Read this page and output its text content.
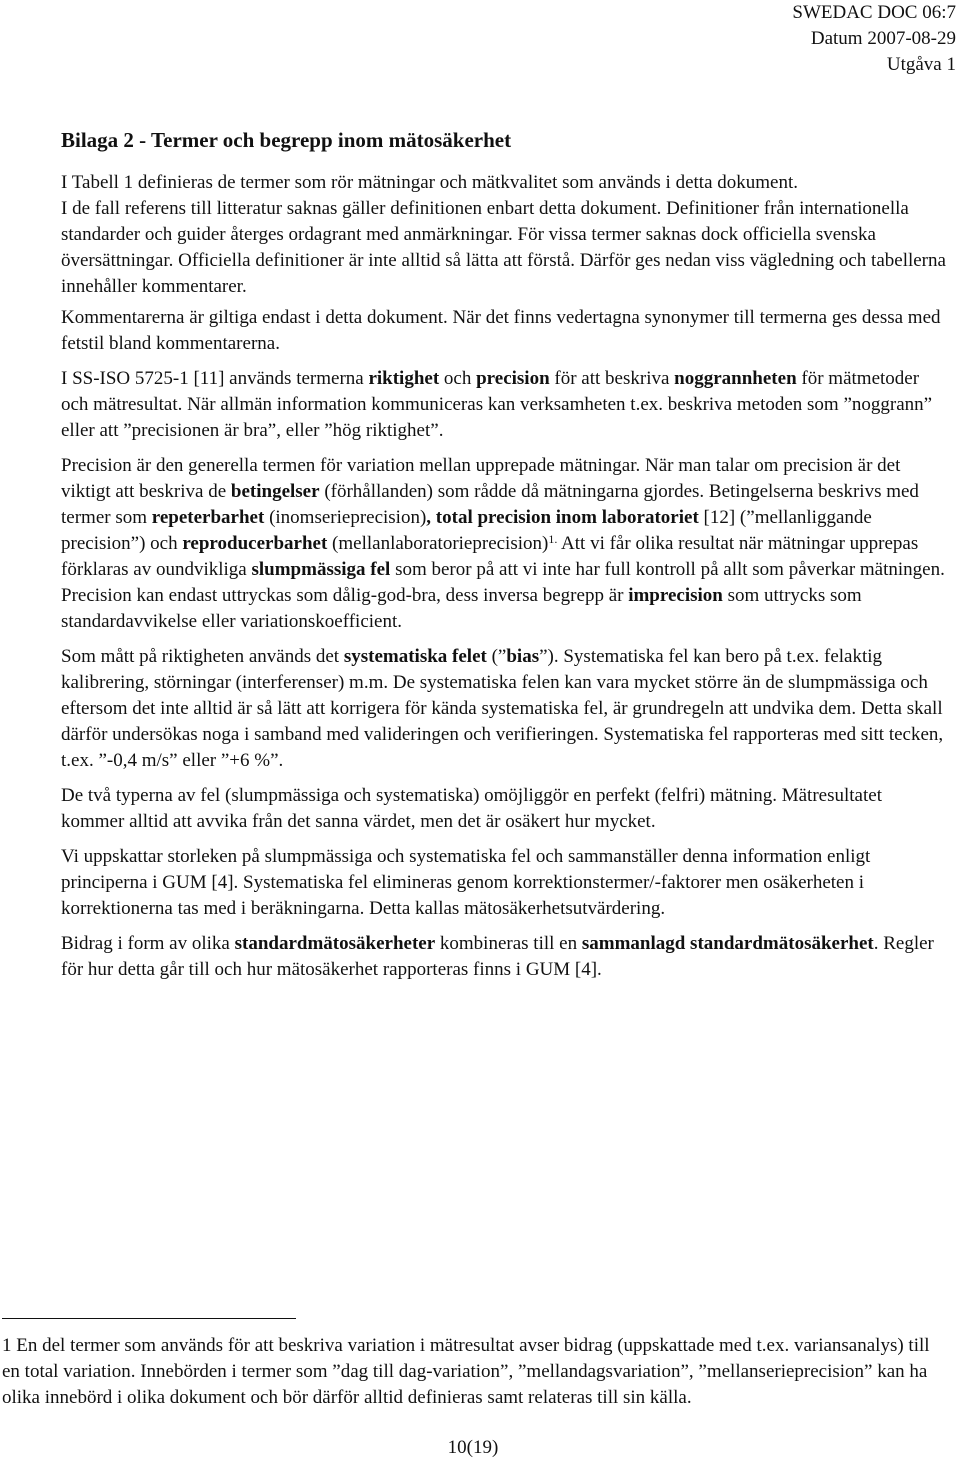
SWEDAC DOC 06:7
Datum 2007-08-29
Utgåva 1
Bilaga 2 - Termer och begrepp inom mätosäkerhet

I Tabell 1 definieras de termer som rör mätningar och mätkvalitet som används i detta dokument.
I de fall referens till litteratur saknas gäller definitionen enbart detta dokument. Definitioner från internationella standarder och guider återges ordagrant med anmärkningar. För vissa termer saknas dock officiella svenska översättningar. Officiella definitioner är inte alltid så lätta att förstå. Därför ges nedan viss vägledning och tabellerna innehåller kommentarer.

Kommentarerna är giltiga endast i detta dokument. När det finns vedertagna synonymer till termerna ges dessa med fetstil bland kommentarerna.

I SS-ISO 5725-1 [11] används termerna riktighet och precision för att beskriva noggrannheten för mätmetoder och mätresultat. När allmän information kommuniceras kan verksamheten t.ex. beskriva metoden som ”noggrann” eller att ”precisionen är bra”, eller ”hög riktighet”.

Precision är den generella termen för variation mellan upprepade mätningar. När man talar om precision är det viktigt att beskriva de betingelser (förhållanden) som rådde då mätningarna gjordes. Betingelserna beskrivs med termer som repeterbarhet (inomserieprecision), total precision inom laboratoriet [12] (”mellanliggande precision”) och reproducerbarhet (mellanlaboratorieprecision)$^{1.}$ Att vi får olika resultat när mätningar upprepas förklaras av oundvikliga slumpmässiga fel som beror på att vi inte har full kontroll på allt som påverkar mätningen. Precision kan endast uttryckas som dålig-god-bra, dess inversa begrepp är imprecision som uttrycks som standardavvikelse eller variationskoefficient.

Som mått på riktigheten används det systematiska felet (”bias”). Systematiska fel kan bero på t.ex. felaktig kalibrering, störningar (interferenser) m.m. De systematiska felen kan vara mycket större än de slumpmässiga och eftersom det inte alltid är så lätt att korrigera för kända systematiska fel, är grundregeln att undvika dem. Detta skall därför undersökas noga i samband med valideringen och verifieringen. Systematiska fel rapporteras med sitt tecken, t.ex. ”-0,4 m/s” eller ”+6 %”.

De två typerna av fel (slumpmässiga och systematiska) omöjliggör en perfekt (felfri) mätning. Mätresultatet kommer alltid att avvika från det sanna värdet, men det är osäkert hur mycket.

Vi uppskattar storleken på slumpmässiga och systematiska fel och sammanställer denna information enligt principerna i GUM [4]. Systematiska fel elimineras genom korrektionstermer/-faktorer men osäkerheten i korrektionerna tas med i beräkningarna. Detta kallas mätosäkerhetsutvärdering.

Bidrag i form av olika standardmätosäkerheter kombineras till en sammanlagd standardmätosäkerhet. Regler för hur detta går till och hur mätosäkerhet rapporteras finns i GUM [4].

1 En del termer som används för att beskriva variation i mätresultat avser bidrag (uppskattade med t.ex. variansanalys) till en total variation. Innebörden i termer som ”dag till dag-variation”, ”mellandagsvariation”, ”mellanserieprecision” kan ha olika innebörd i olika dokument och bör därför alltid definieras samt relateras till sin källa.
10(19)
